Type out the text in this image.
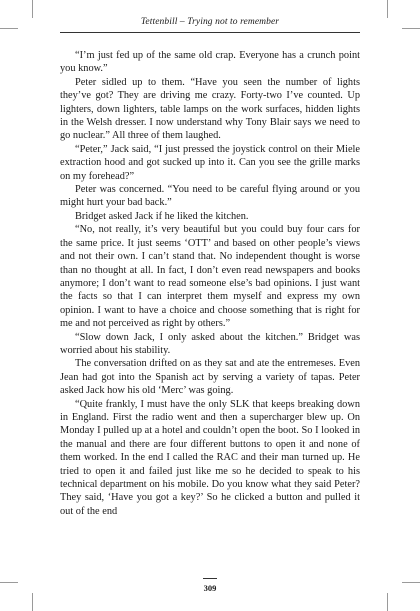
Tettenbill – Trying not to remember

“I’m just fed up of the same old crap. Everyone has a crunch point you know.”

Peter sidled up to them. “Have you seen the number of lights they’ve got? They are driving me crazy. Forty-two I’ve counted. Up lighters, down lighters, table lamps on the work surfaces, hidden lights in the Welsh dresser. I now understand why Tony Blair says we need to go nuclear.” All three of them laughed.

“Peter,” Jack said, “I just pressed the joystick control on their Miele extraction hood and got sucked up into it. Can you see the grille marks on my forehead?”

Peter was concerned. “You need to be careful flying around or you might hurt your bad back.”

Bridget asked Jack if he liked the kitchen.

“No, not really, it’s very beautiful but you could buy four cars for the same price. It just seems ‘OTT’ and based on other people’s views and not their own. I can’t stand that. No independent thought is worse than no thought at all. In fact, I don’t even read newspapers and books anymore; I don’t want to read someone else’s bad opinions. I just want the facts so that I can interpret them myself and express my own opinion. I want to have a choice and choose something that is right for me and not perceived as right by others.”

“Slow down Jack, I only asked about the kitchen.” Bridget was worried about his stability.

The conversation drifted on as they sat and ate the entremeses. Even Jean had got into the Spanish act by serving a variety of tapas. Peter asked Jack how his old ‘Merc’ was going.

“Quite frankly, I must have the only SLK that keeps breaking down in England. First the radio went and then a supercharger blew up. On Monday I pulled up at a hotel and couldn’t open the boot. So I looked in the manual and there are four different buttons to open it and none of them worked. In the end I called the RAC and their man turned up. He tried to open it and failed just like me so he decided to speak to his technical department on his mobile. Do you know what they said Peter? They said, ‘Have you got a key?’ So he clicked a button and pulled it out of the end

309
